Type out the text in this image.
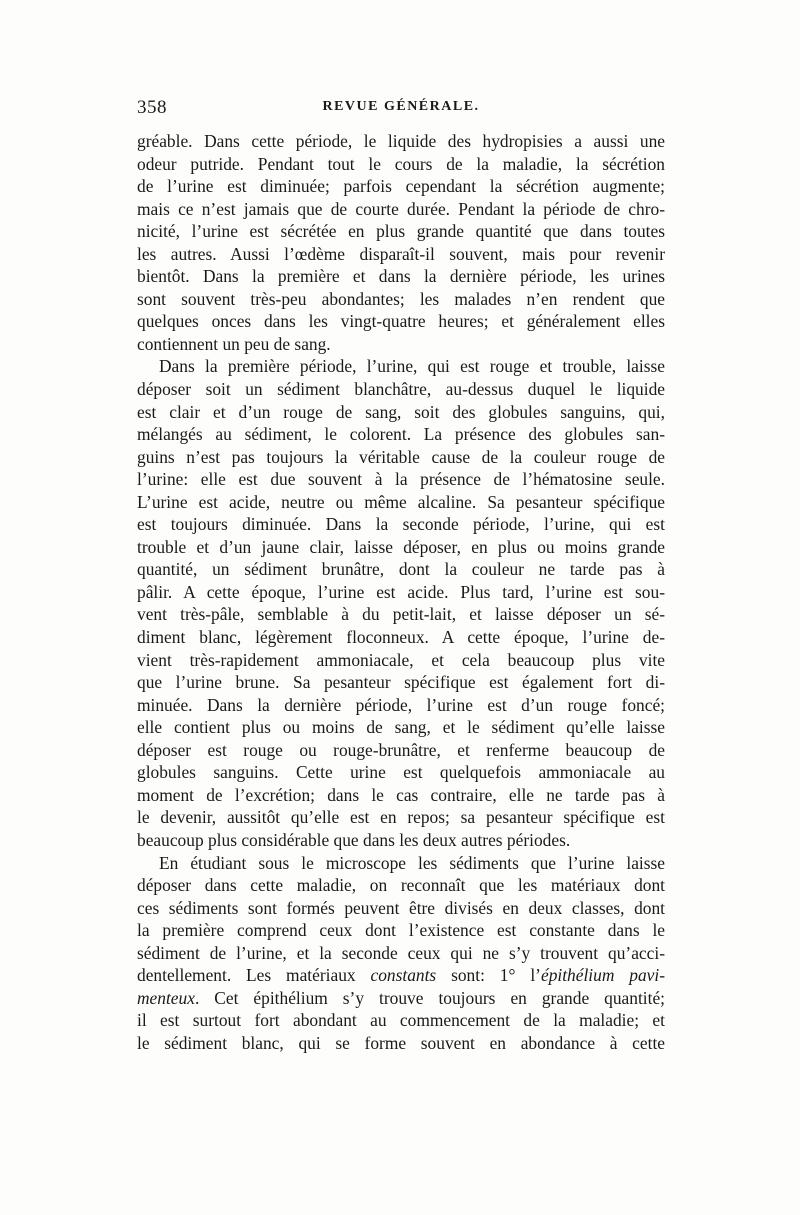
358	REVUE GÉNÉRALE.
gréable. Dans cette période, le liquide des hydropisies a aussi une
odeur putride. Pendant tout le cours de la maladie, la sécrétion
de l’urine est diminuée; parfois cependant la sécrétion augmente;
mais ce n’est jamais que de courte durée. Pendant la période de chro-
nicité, l’urine est sécrétée en plus grande quantité que dans toutes
les autres. Aussi l’œdème disparaît-il souvent, mais pour revenir
bientôt. Dans la première et dans la dernière période, les urines
sont souvent très-peu abondantes; les malades n’en rendent que
quelques onces dans les vingt-quatre heures; et généralement elles
contiennent un peu de sang.
Dans la première période, l’urine, qui est rouge et trouble, laisse
déposer soit un sédiment blanchâtre, au-dessus duquel le liquide
est clair et d’un rouge de sang, soit des globules sanguins, qui,
mélangés au sédiment, le colorent. La présence des globules san-
guins n’est pas toujours la véritable cause de la couleur rouge de
l’urine: elle est due souvent à la présence de l’hématosine seule.
L’urine est acide, neutre ou même alcaline. Sa pesanteur spécifique
est toujours diminuée. Dans la seconde période, l’urine, qui est
trouble et d’un jaune clair, laisse déposer, en plus ou moins grande
quantité, un sédiment brunâtre, dont la couleur ne tarde pas à
pâlir. A cette époque, l’urine est acide. Plus tard, l’urine est sou-
vent très-pâle, semblable à du petit-lait, et laisse déposer un sé-
diment blanc, légèrement floconneux. A cette époque, l’urine de-
vient très-rapidement ammoniacale, et cela beaucoup plus vite
que l’urine brune. Sa pesanteur spécifique est également fort di-
minuée. Dans la dernière période, l’urine est d’un rouge foncé;
elle contient plus ou moins de sang, et le sédiment qu’elle laisse
déposer est rouge ou rouge-brunâtre, et renferme beaucoup de
globules sanguins. Cette urine est quelquefois ammoniacale au
moment de l’excrétion; dans le cas contraire, elle ne tarde pas à
le devenir, aussitôt qu’elle est en repos; sa pesanteur spécifique est
beaucoup plus considérable que dans les deux autres périodes.
En étudiant sous le microscope les sédiments que l’urine laisse
déposer dans cette maladie, on reconnaît que les matériaux dont
ces sédiments sont formés peuvent être divisés en deux classes, dont
la première comprend ceux dont l’existence est constante dans le
sédiment de l’urine, et la seconde ceux qui ne s’y trouvent qu’acci-
dentellement. Les matériaux constants sont: 1° l’épithélium pavi-
menteux. Cet épithélium s’y trouve toujours en grande quantité;
il est surtout fort abondant au commencement de la maladie; et
le sédiment blanc, qui se forme souvent en abondance à cette
